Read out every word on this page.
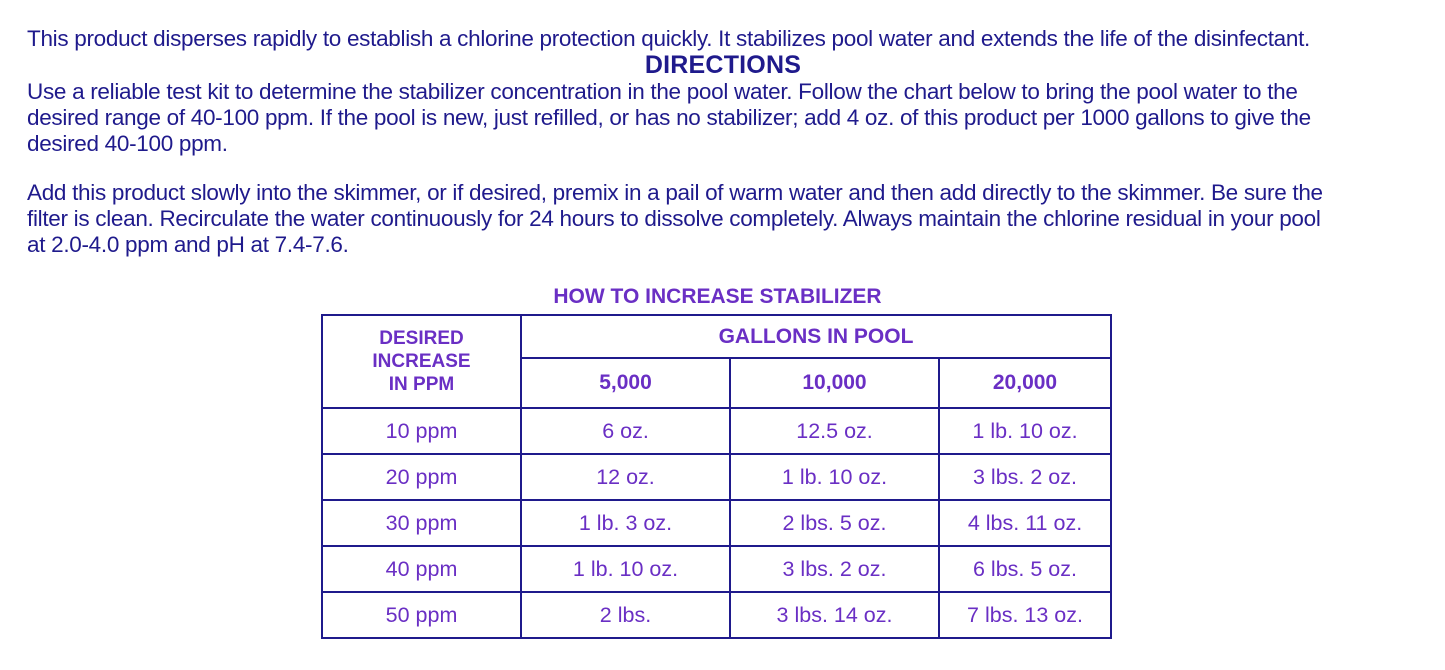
This product disperses rapidly to establish a chlorine protection quickly. It stabilizes pool water and extends the life of the disinfectant.

DIRECTIONS

Use a reliable test kit to determine the stabilizer concentration in the pool water. Follow the chart below to bring the pool water to the

desired range of 40-100 ppm. If the pool is new, just refilled, or has no stabilizer; add 4 oz. of this product per 1000 gallons to give the

desired 40-100 ppm.

Add this product slowly into the skimmer, or if desired, premix in a pail of warm water and then add directly to the skimmer. Be sure the

filter is clean. Recirculate the water continuously for 24 hours to dissolve completely. Always maintain the chlorine residual in your pool

at 2.0-4.0 ppm and pH at 7.4-7.6.

HOW TO INCREASE STABILIZER
DESIRED
INCREASE
IN PPM	GALLONS IN POOL		
	5,000	10,000	20,000
10 ppm	6 oz.	12.5 oz.	1 lb. 10 oz.
20 ppm	12 oz.	1 lb. 10 oz.	3 lbs. 2 oz.
30 ppm	1 lb. 3 oz.	2 lbs. 5 oz.	4 lbs. 11 oz.
40 ppm	1 lb. 10 oz.	3 lbs. 2 oz.	6 lbs. 5 oz.
50 ppm	2 lbs.	3 lbs. 14 oz.	7 lbs. 13 oz.
